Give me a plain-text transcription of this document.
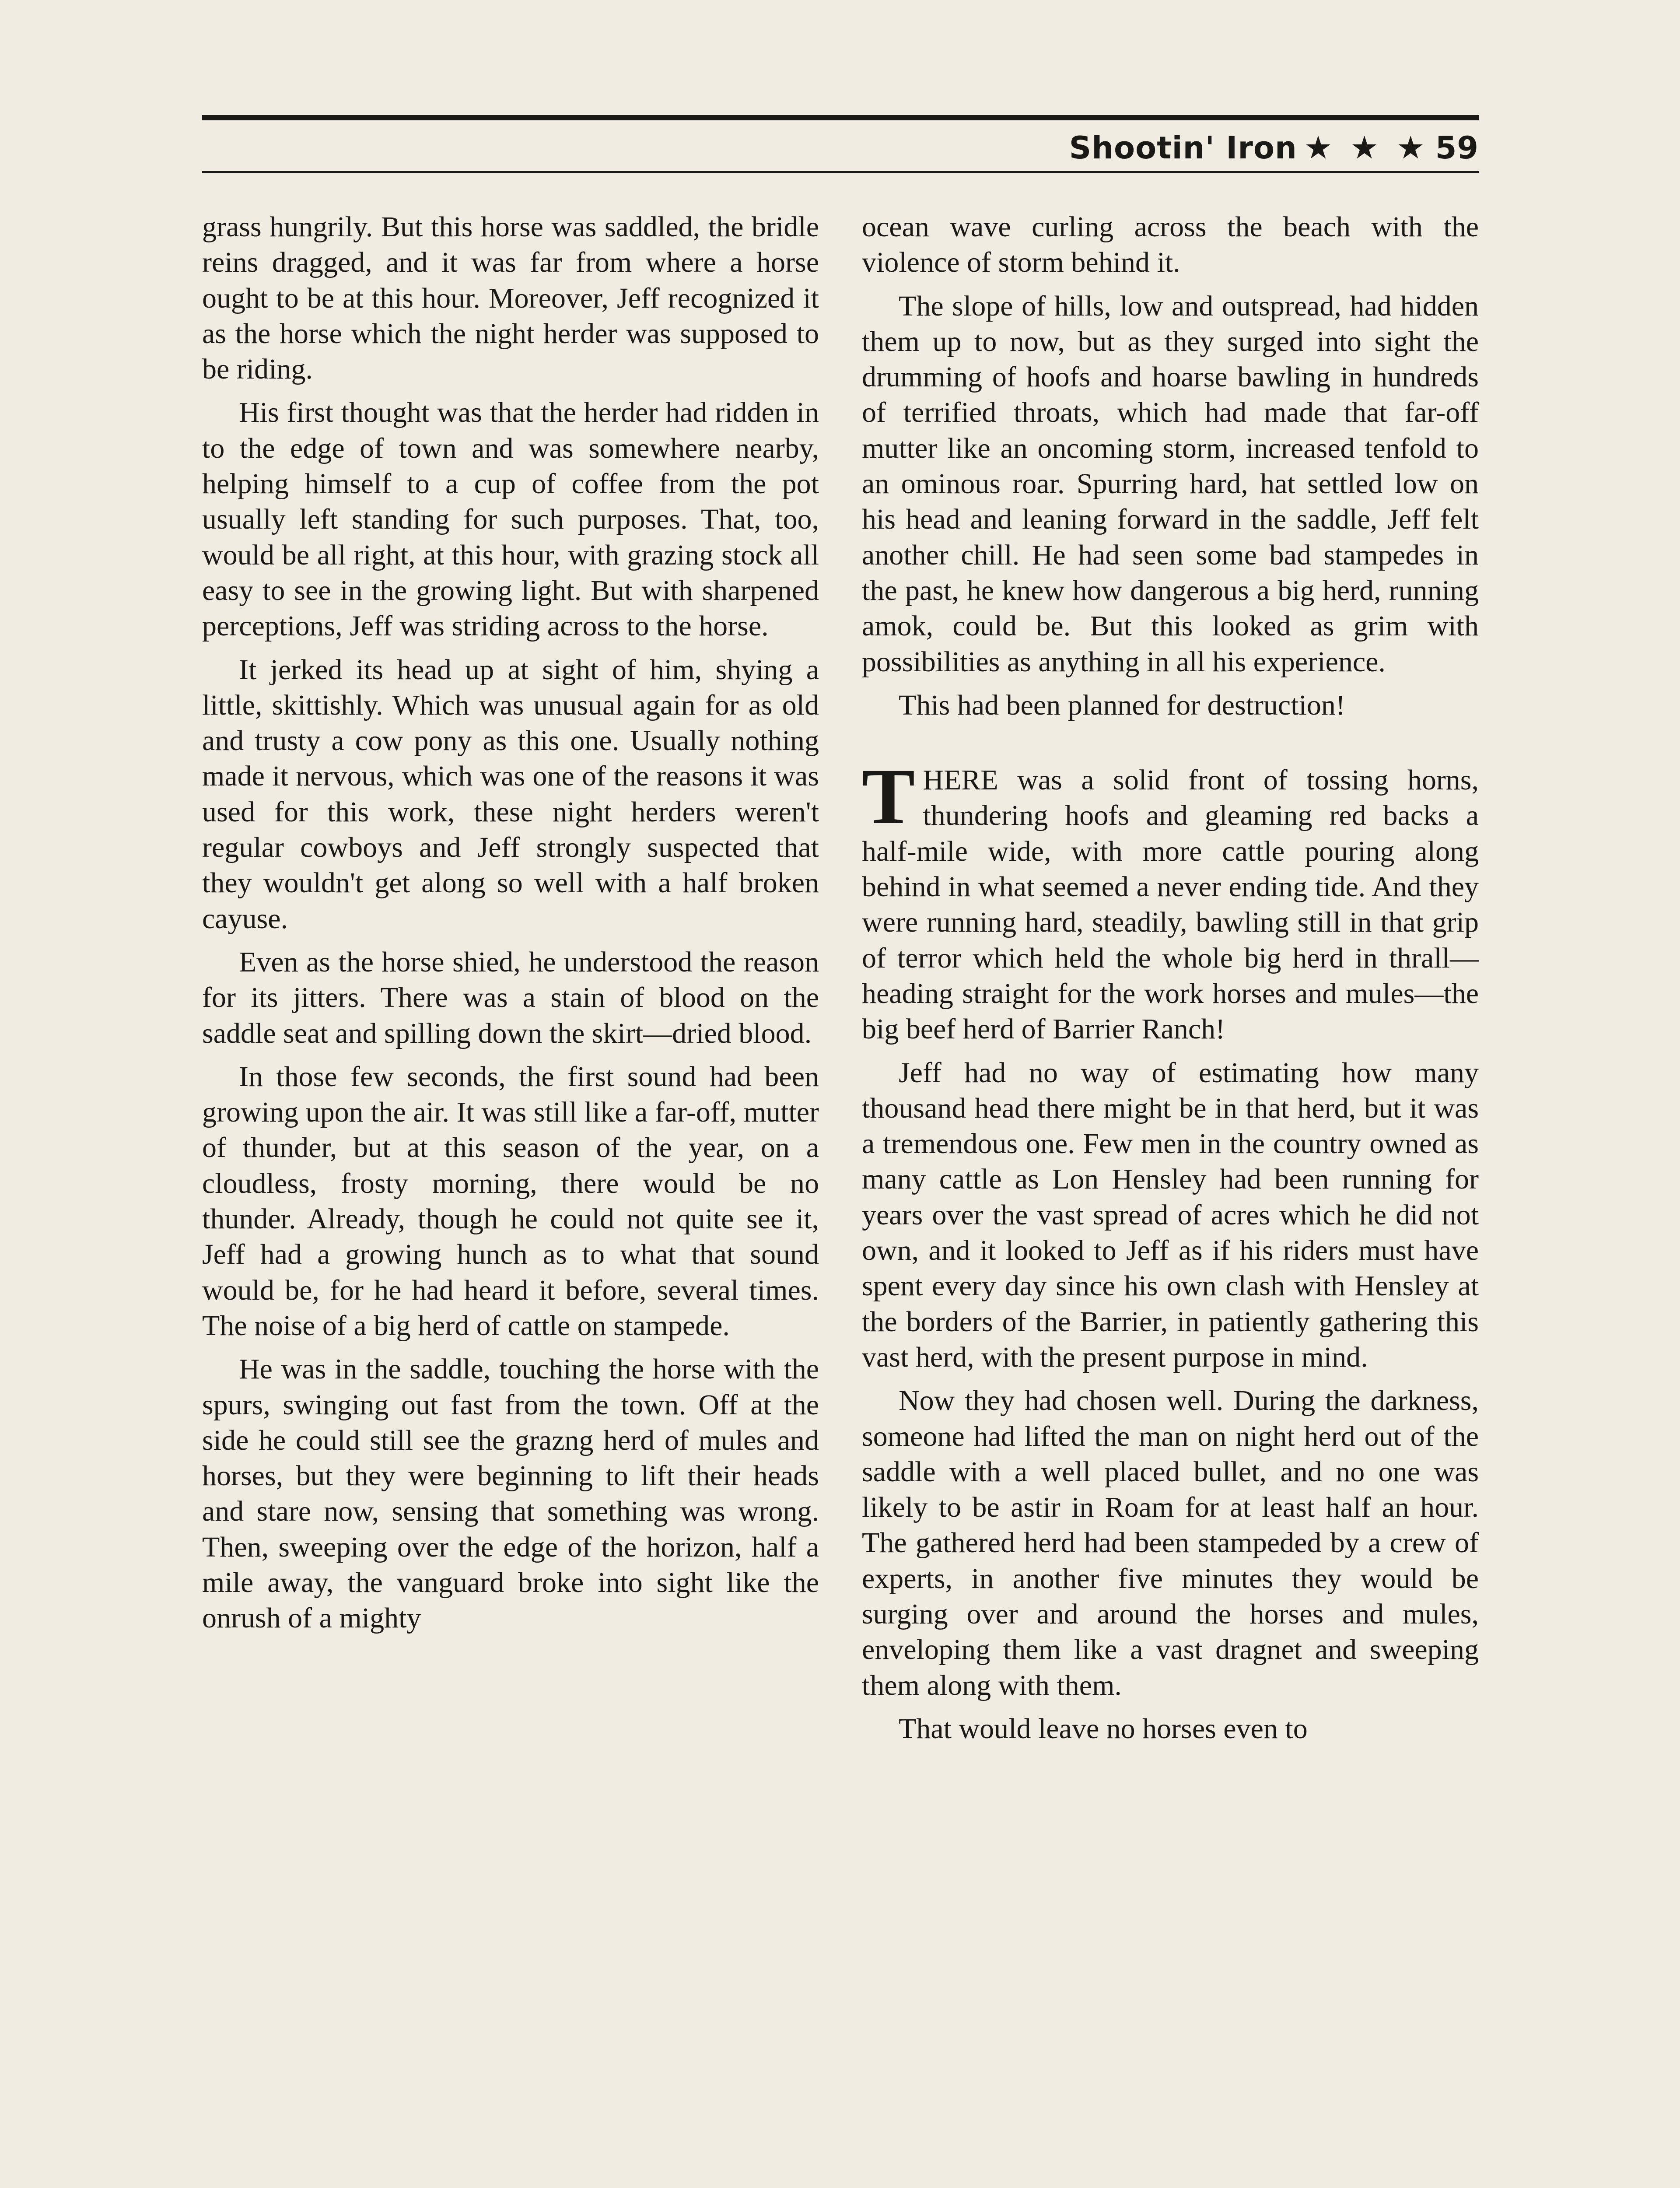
Shootin' Iron ★ ★ ★ 59

grass hungrily. But this horse was saddled, the bridle reins dragged, and it was far from where a horse ought to be at this hour. Moreover, Jeff recognized it as the horse which the night herder was supposed to be riding.

His first thought was that the herder had ridden in to the edge of town and was somewhere nearby, helping himself to a cup of coffee from the pot usually left standing for such purposes. That, too, would be all right, at this hour, with grazing stock all easy to see in the growing light. But with sharpened perceptions, Jeff was striding across to the horse.

It jerked its head up at sight of him, shying a little, skittishly. Which was unusual again for as old and trusty a cow pony as this one. Usually nothing made it nervous, which was one of the reasons it was used for this work, these night herders weren't regular cowboys and Jeff strongly suspected that they wouldn't get along so well with a half broken cayuse.

Even as the horse shied, he understood the reason for its jitters. There was a stain of blood on the saddle seat and spilling down the skirt—dried blood.

In those few seconds, the first sound had been growing upon the air. It was still like a far-off, mutter of thunder, but at this season of the year, on a cloudless, frosty morning, there would be no thunder. Already, though he could not quite see it, Jeff had a growing hunch as to what that sound would be, for he had heard it before, several times. The noise of a big herd of cattle on stampede.

He was in the saddle, touching the horse with the spurs, swinging out fast from the town. Off at the side he could still see the grazng herd of mules and horses, but they were beginning to lift their heads and stare now, sensing that something was wrong. Then, sweeping over the edge of the horizon, half a mile away, the vanguard broke into sight like the onrush of a mighty

ocean wave curling across the beach with the violence of storm behind it.

The slope of hills, low and outspread, had hidden them up to now, but as they surged into sight the drumming of hoofs and hoarse bawling in hundreds of terrified throats, which had made that far-off mutter like an oncoming storm, increased tenfold to an ominous roar. Spurring hard, hat settled low on his head and leaning forward in the saddle, Jeff felt another chill. He had seen some bad stampedes in the past, he knew how dangerous a big herd, running amok, could be. But this looked as grim with possibilities as anything in all his experience.

This had been planned for destruction!

THERE was a solid front of tossing horns, thundering hoofs and gleaming red backs a half-mile wide, with more cattle pouring along behind in what seemed a never ending tide. And they were running hard, steadily, bawling still in that grip of terror which held the whole big herd in thrall—heading straight for the work horses and mules—the big beef herd of Barrier Ranch!

Jeff had no way of estimating how many thousand head there might be in that herd, but it was a tremendous one. Few men in the country owned as many cattle as Lon Hensley had been running for years over the vast spread of acres which he did not own, and it looked to Jeff as if his riders must have spent every day since his own clash with Hensley at the borders of the Barrier, in patiently gathering this vast herd, with the present purpose in mind.

Now they had chosen well. During the darkness, someone had lifted the man on night herd out of the saddle with a well placed bullet, and no one was likely to be astir in Roam for at least half an hour. The gathered herd had been stampeded by a crew of experts, in another five minutes they would be surging over and around the horses and mules, enveloping them like a vast dragnet and sweeping them along with them.

That would leave no horses even to
